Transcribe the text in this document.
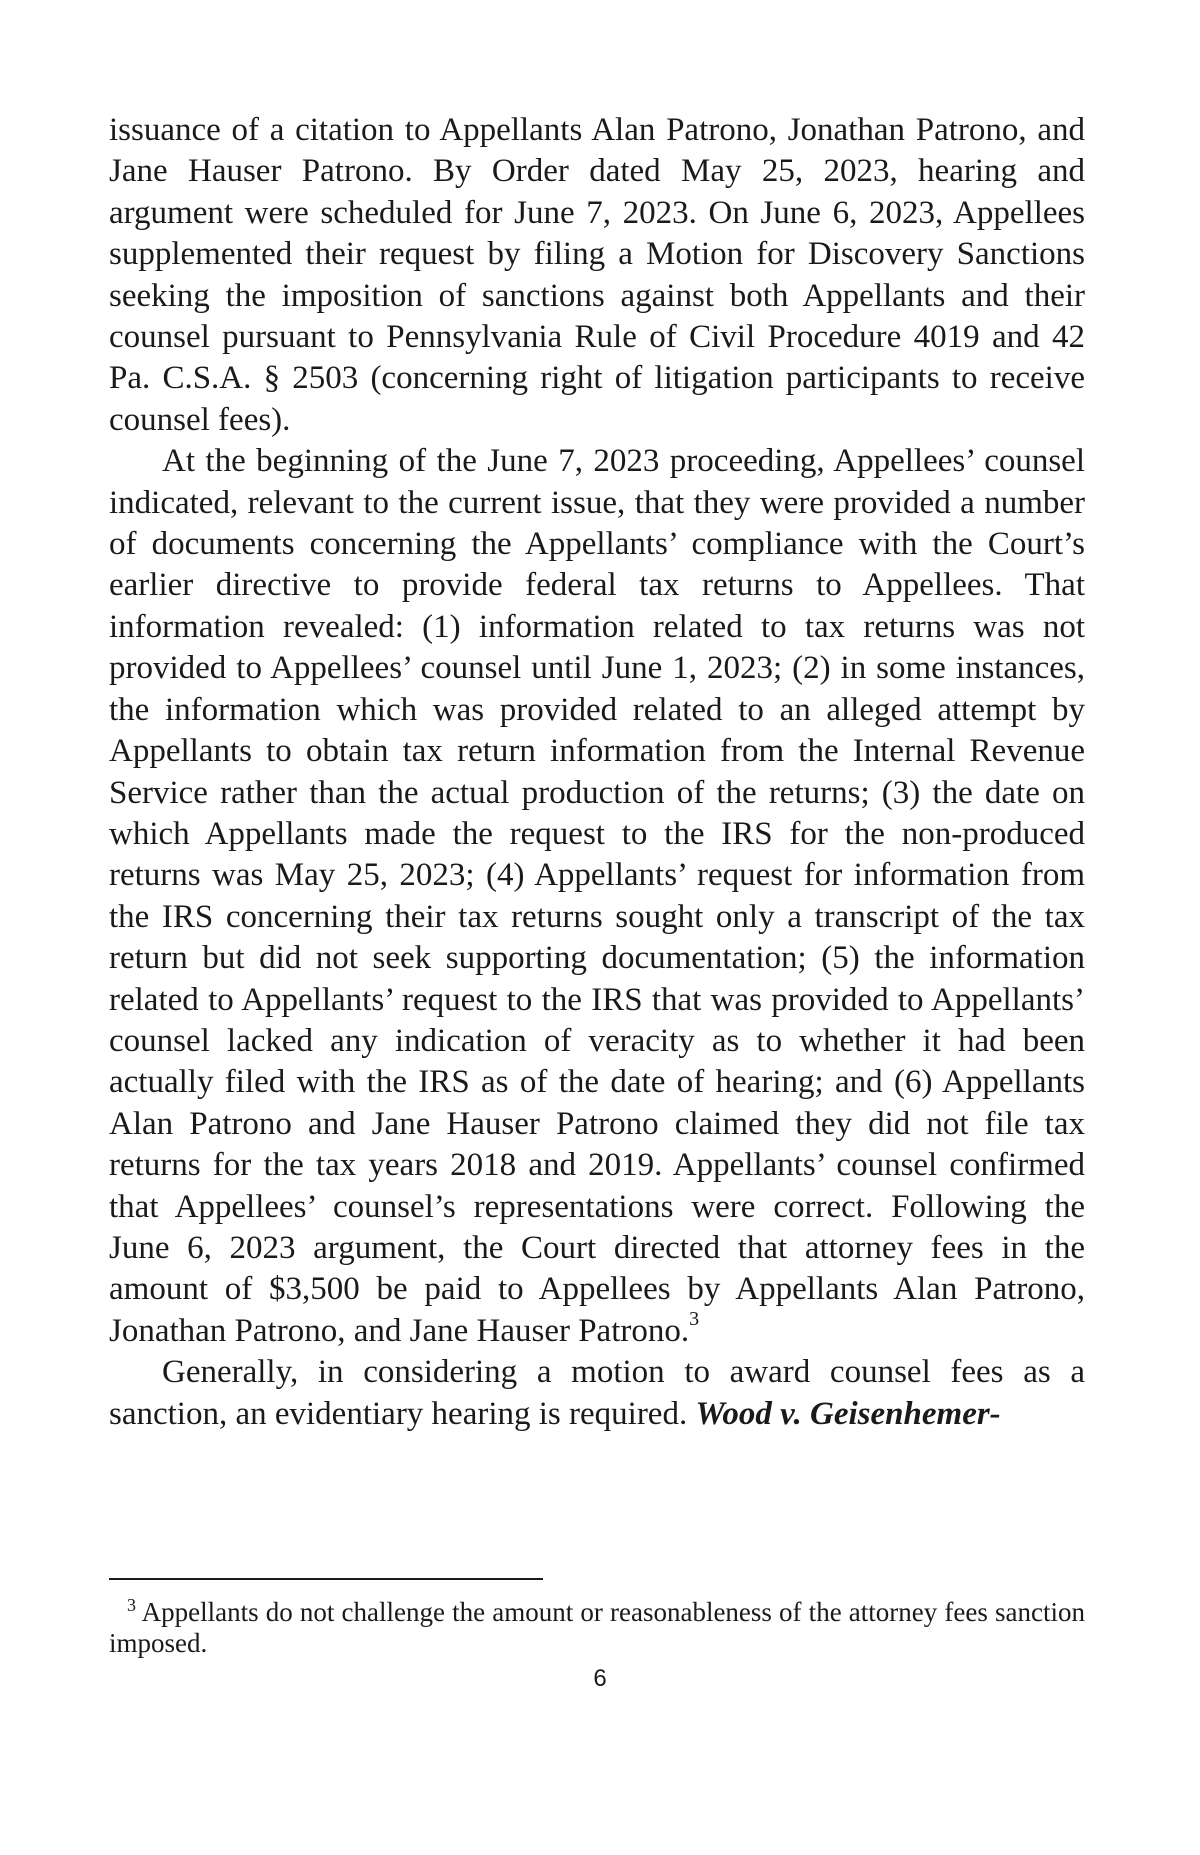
issuance of a citation to Appellants Alan Patrono, Jonathan Patrono, and Jane Hauser Patrono. By Order dated May 25, 2023, hearing and argument were scheduled for June 7, 2023. On June 6, 2023, Appellees supplemented their request by filing a Motion for Discovery Sanctions seeking the imposition of sanctions against both Appellants and their counsel pursuant to Pennsylvania Rule of Civil Procedure 4019 and 42 Pa. C.S.A. § 2503 (concerning right of litigation participants to receive counsel fees).

At the beginning of the June 7, 2023 proceeding, Appellees’ counsel indicated, relevant to the current issue, that they were provided a number of documents concerning the Appellants’ compliance with the Court’s earlier directive to provide federal tax returns to Appellees. That information revealed: (1) information related to tax returns was not provided to Appellees’ counsel until June 1, 2023; (2) in some instances, the information which was provided related to an alleged attempt by Appellants to obtain tax return information from the Internal Revenue Service rather than the actual production of the returns; (3) the date on which Appellants made the request to the IRS for the non-produced returns was May 25, 2023; (4) Appellants’ request for information from the IRS concerning their tax returns sought only a transcript of the tax return but did not seek supporting documentation; (5) the information related to Appellants’ request to the IRS that was provided to Appellants’ counsel lacked any indication of veracity as to whether it had been actually filed with the IRS as of the date of hearing; and (6) Appellants Alan Patrono and Jane Hauser Patrono claimed they did not file tax returns for the tax years 2018 and 2019. Appellants’ counsel confirmed that Appellees’ counsel’s representations were correct. Following the June 6, 2023 argument, the Court directed that attorney fees in the amount of $3,500 be paid to Appellees by Appellants Alan Patrono, Jonathan Patrono, and Jane Hauser Patrono.$^3$

Generally, in considering a motion to award counsel fees as a sanction, an evidentiary hearing is required. Wood v. Geisenhemer-

$^3$ Appellants do not challenge the amount or reasonableness of the attorney fees sanction imposed.
6
